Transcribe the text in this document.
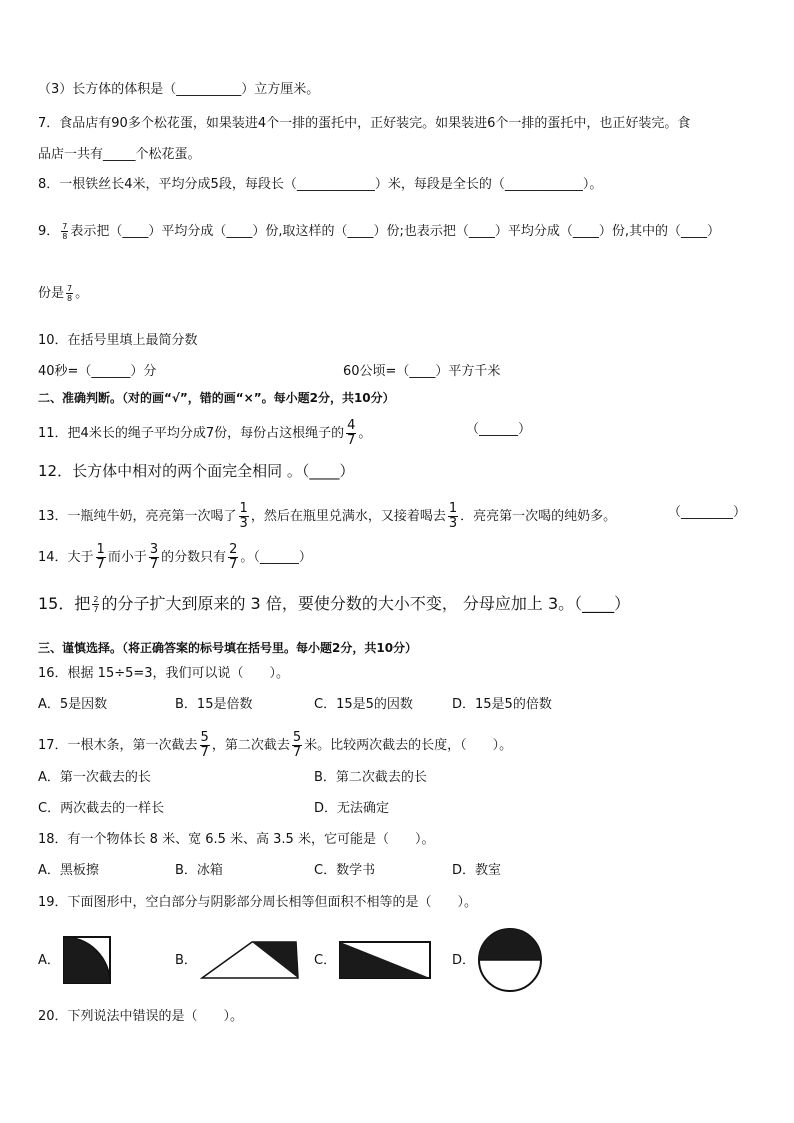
（3）长方体的体积是（__________）立方厘米。
7．食品店有90多个松花蛋，如果装进4个一排的蛋托中，正好装完。如果装进6个一排的蛋托中，也正好装完。食
品店一共有_____个松花蛋。
8．一根铁丝长4米，平均分成5段，每段长（____________）米，每段是全长的（____________）。
9． $\frac{7}{8}$ 表示把（____）平均分成（____）份,取这样的（____）份;也表示把（____）平均分成（____）份,其中的（____）
份是 $\frac{7}{8}$ 。
10．在括号里填上最简分数
40秒=（______）分	60公顷=（____）平方千米
二、准确判断。（对的画“√”，错的画“×”。每小题2分，共10分）
11．把4米长的绳子平均分成7份，每份占这根绳子的 $\frac{4}{7}$ 。	（______）
12．长方体中相对的两个面完全相同 。（____）
13．一瓶纯牛奶，亮亮第一次喝了 $\frac{1}{3}$ ，然后在瓶里兑满水，又接着喝去 $\frac{1}{3}$ ．亮亮第一次喝的纯奶多。	（________）
14．大于 $\frac{1}{7}$ 而小于 $\frac{3}{7}$ 的分数只有 $\frac{2}{7}$ 。（______）
15．把 $\frac{2}{7}$ 的分子扩大到原来的 3 倍，要使分数的大小不变， 分母应加上 3。（____）
三、谨慎选择。（将正确答案的标号填在括号里。每小题2分，共10分）
16．根据 15÷5=3，我们可以说（　　）。
A．5是因数	B．15是倍数	C．15是5的因数	D．15是5的倍数
17．一根木条，第一次截去 $\frac{5}{7}$ ，第二次截去 $\frac{5}{7}$ 米。比较两次截去的长度，（　　）。
A．第一次截去的长	B．第二次截去的长
C．两次截去的一样长	D．无法确定
18．有一个物体长 8 米、宽 6.5 米、高 3.5 米，它可能是（　　）。
A．黑板擦	B．冰箱	C．数学书	D．教室
19．下面图形中，空白部分与阴影部分周长相等但面积不相等的是（　　）。
A．	B．	C．	D．
20．下列说法中错误的是（　　）。
